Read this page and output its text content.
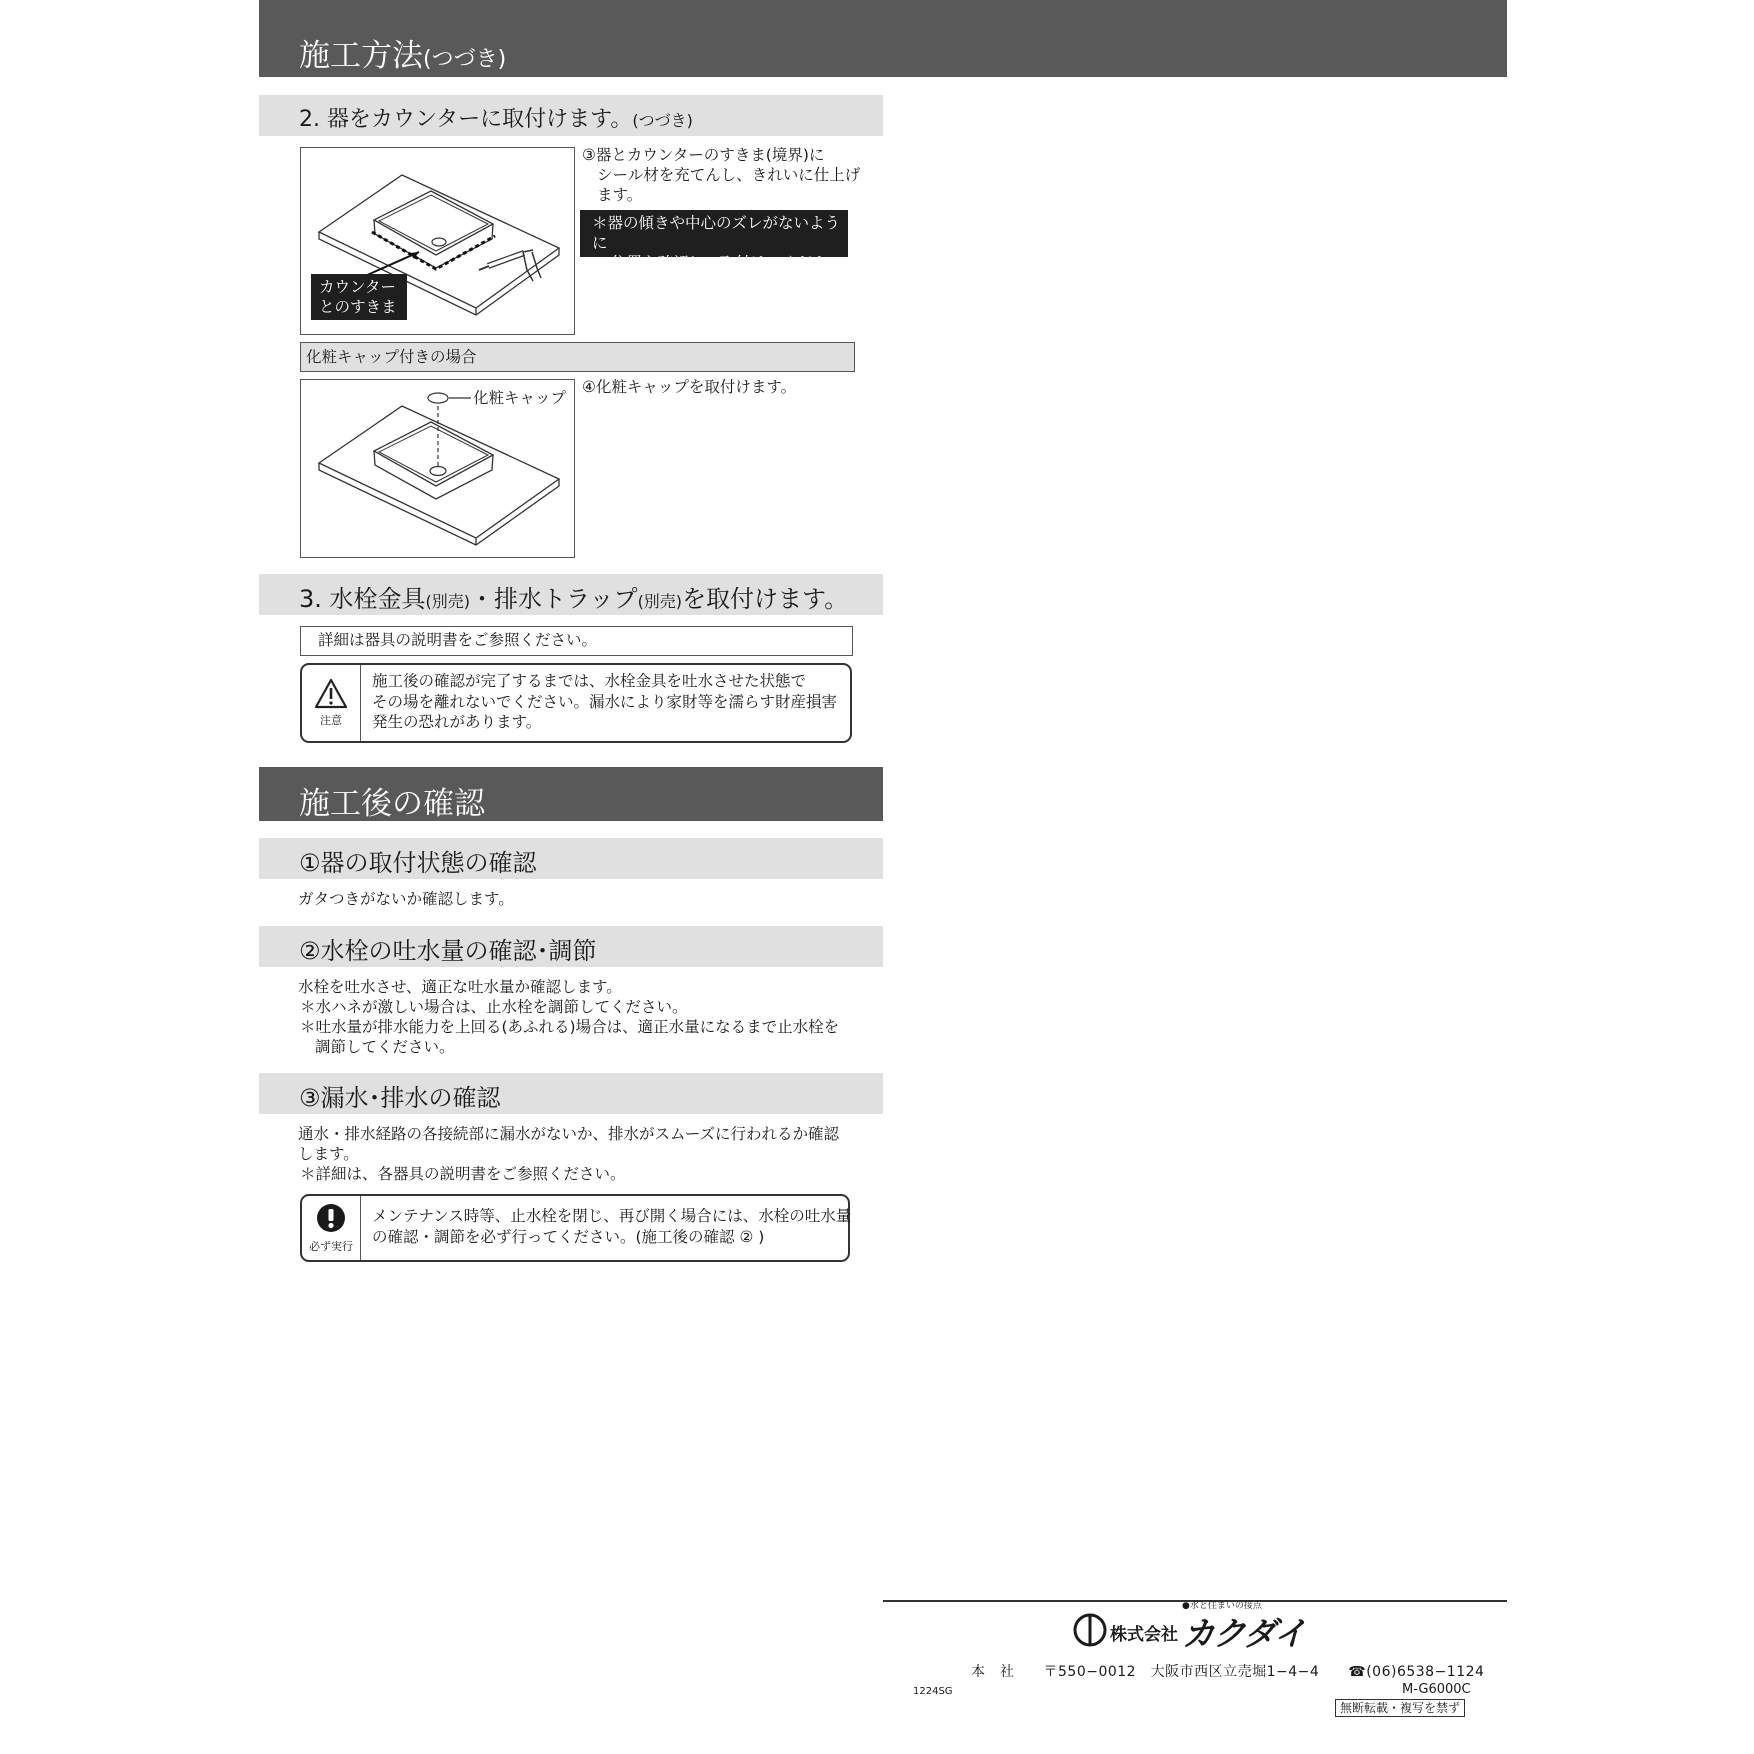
施工方法(つづき)
2. 器をカウンターに取付けます。(つづき)
カウンター
とのすきま
③器とカウンターのすきま(境界)に
シール材を充てんし、きれいに仕上げ
ます。
＊器の傾きや中心のズレがないように
位置を確認して取付けてください。
化粧キャップ付きの場合
化粧キャップ
④化粧キャップを取付けます。
3. 水栓金具(別売)・排水トラップ(別売)を取付けます。
詳細は器具の説明書をご参照ください。
注意
施工後の確認が完了するまでは、水栓金具を吐水させた状態で
その場を離れないでください。漏水により家財等を濡らす財産損害
発生の恐れがあります。
施工後の確認
①器の取付状態の確認
ガタつきがないか確認します。
②水栓の吐水量の確認･調節
水栓を吐水させ、適正な吐水量か確認します。
＊水ハネが激しい場合は、止水栓を調節してください。
＊吐水量が排水能力を上回る(あふれる)場合は、適正水量になるまで止水栓を
調節してください。
③漏水･排水の確認
通水・排水経路の各接続部に漏水がないか、排水がスムーズに行われるか確認
します。
＊詳細は、各器具の説明書をご参照ください。
必ず実行
メンテナンス時等、止水栓を閉じ、再び開く場合には、水栓の吐水量
の確認・調節を必ず行ってください。(施工後の確認 ② )
●水と住まいの接点
株式会社 カクダイ
本　社　　〒550−0012　大阪市西区立売堀1−4−4　　☎(06)6538−1124
1224SG	M-G6000C
無断転載・複写を禁ず
